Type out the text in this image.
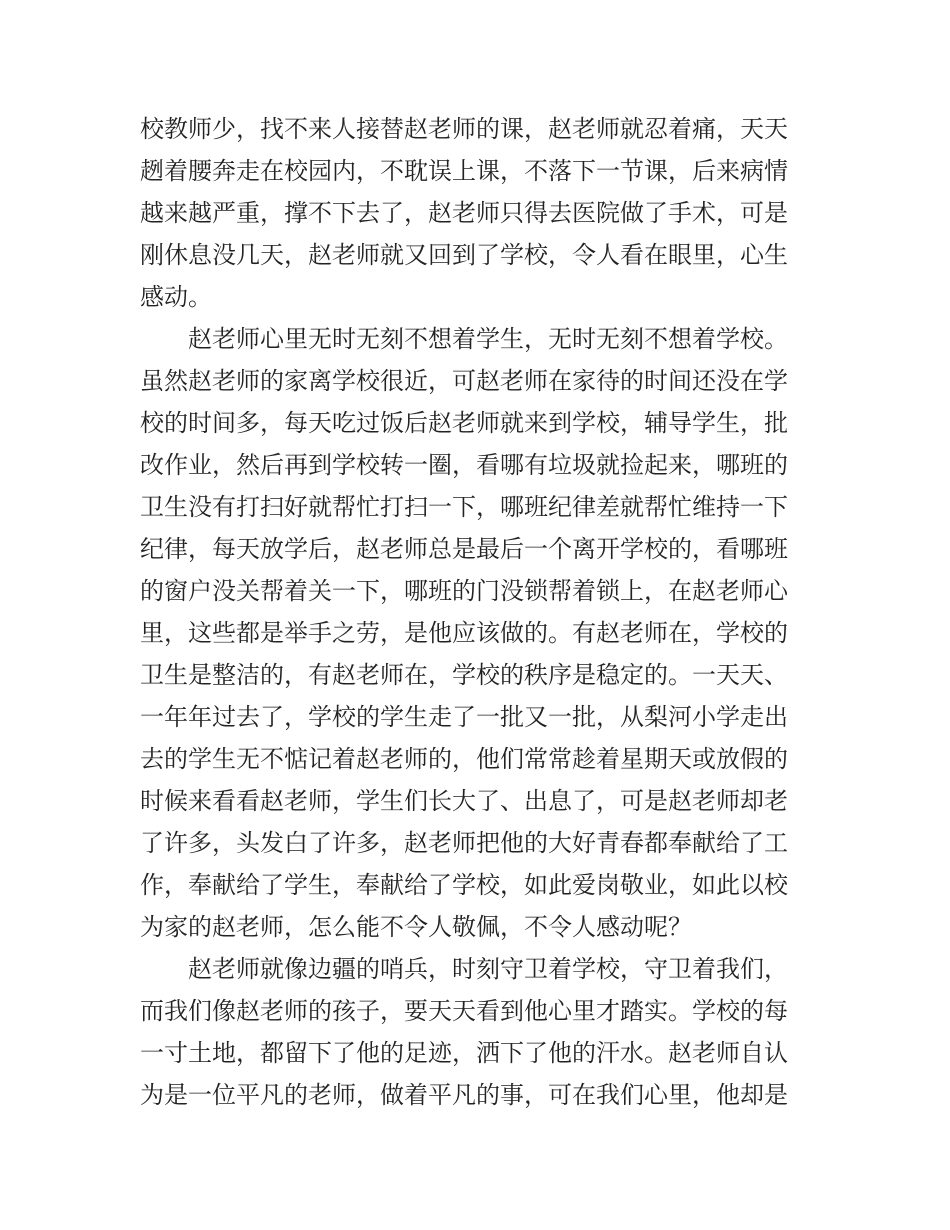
校教师少，找不来人接替赵老师的课，赵老师就忍着痛，天天
趔着腰奔走在校园内，不耽误上课，不落下一节课，后来病情
越来越严重，撑不下去了，赵老师只得去医院做了手术，可是
刚休息没几天，赵老师就又回到了学校，令人看在眼里，心生
感动。
赵老师心里无时无刻不想着学生，无时无刻不想着学校。
虽然赵老师的家离学校很近，可赵老师在家待的时间还没在学
校的时间多，每天吃过饭后赵老师就来到学校，辅导学生，批
改作业，然后再到学校转一圈，看哪有垃圾就捡起来，哪班的
卫生没有打扫好就帮忙打扫一下，哪班纪律差就帮忙维持一下
纪律，每天放学后，赵老师总是最后一个离开学校的，看哪班
的窗户没关帮着关一下，哪班的门没锁帮着锁上，在赵老师心
里，这些都是举手之劳，是他应该做的。有赵老师在，学校的
卫生是整洁的，有赵老师在，学校的秩序是稳定的。一天天、
一年年过去了，学校的学生走了一批又一批，从梨河小学走出
去的学生无不惦记着赵老师的，他们常常趁着星期天或放假的
时候来看看赵老师，学生们长大了、出息了，可是赵老师却老
了许多，头发白了许多，赵老师把他的大好青春都奉献给了工
作，奉献给了学生，奉献给了学校，如此爱岗敬业，如此以校
为家的赵老师，怎么能不令人敬佩，不令人感动呢？
赵老师就像边疆的哨兵，时刻守卫着学校，守卫着我们，
而我们像赵老师的孩子，要天天看到他心里才踏实。学校的每
一寸土地，都留下了他的足迹，洒下了他的汗水。赵老师自认
为是一位平凡的老师，做着平凡的事，可在我们心里，他却是
